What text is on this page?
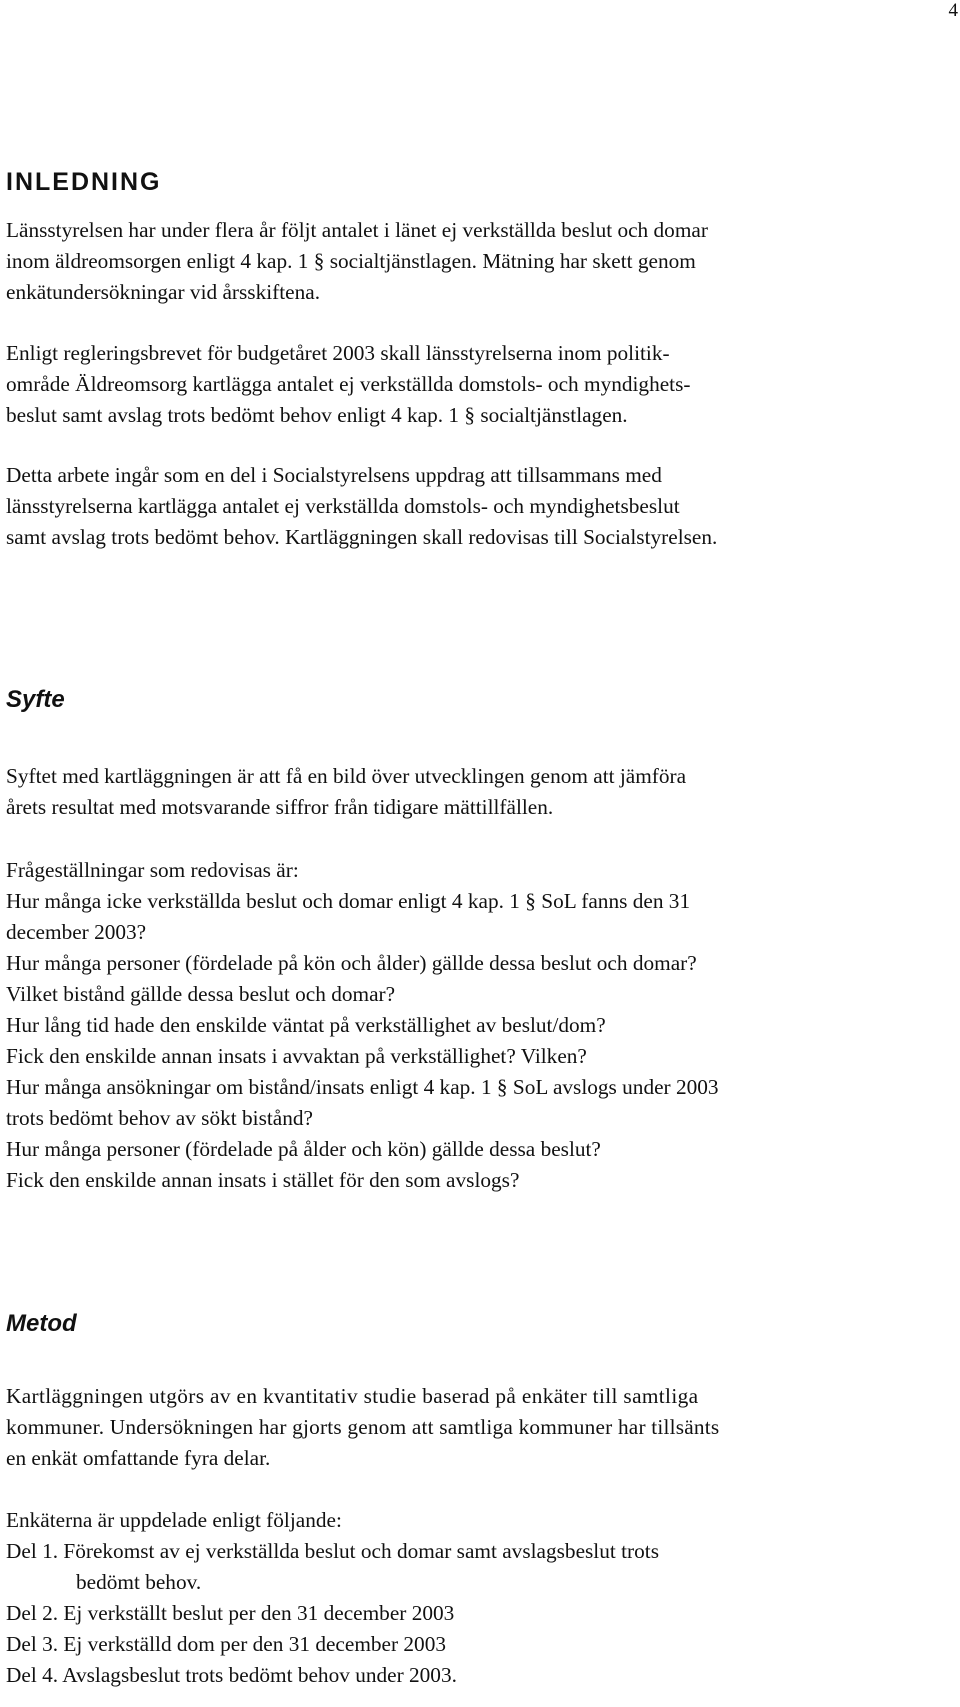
4
INLEDNING

Länsstyrelsen har under flera år följt antalet i länet ej verkställda beslut och domar
inom äldreomsorgen enligt 4 kap. 1 § socialtjänstlagen. Mätning har skett genom
enkätundersökningar vid årsskiftena.

Enligt regleringsbrevet för budgetåret 2003 skall länsstyrelserna inom politik-
område Äldreomsorg kartlägga antalet ej verkställda domstols- och myndighets-
beslut samt avslag trots bedömt behov enligt 4 kap. 1 § socialtjänstlagen.

Detta arbete ingår som en del i Socialstyrelsens uppdrag att tillsammans med
länsstyrelserna kartlägga antalet ej verkställda domstols- och myndighetsbeslut
samt avslag trots bedömt behov. Kartläggningen skall redovisas till Socialstyrelsen.

Syfte

Syftet med kartläggningen är att få en bild över utvecklingen genom att jämföra
årets resultat med motsvarande siffror från tidigare mättillfällen.

Frågeställningar som redovisas är:
Hur många icke verkställda beslut och domar enligt 4 kap. 1 § SoL fanns den 31
december 2003?
Hur många personer (fördelade på kön och ålder) gällde dessa beslut och domar?
Vilket bistånd gällde dessa beslut och domar?
Hur lång tid hade den enskilde väntat på verkställighet av beslut/dom?
Fick den enskilde annan insats i avvaktan på verkställighet? Vilken?
Hur många ansökningar om bistånd/insats enligt 4 kap. 1 § SoL avslogs under 2003
trots bedömt behov av sökt bistånd?
Hur många personer (fördelade på ålder och kön) gällde dessa beslut?
Fick den enskilde annan insats i stället för den som avslogs?

Metod

Kartläggningen utgörs av en kvantitativ studie baserad på enkäter till samtliga
kommuner. Undersökningen har gjorts genom att samtliga kommuner har tillsänts
en enkät omfattande fyra delar.

Enkäterna är uppdelade enligt följande:
Del 1. Förekomst av ej verkställda beslut och domar samt avslagsbeslut trots
bedömt behov.
Del 2. Ej verkställt beslut per den 31 december 2003
Del 3. Ej verkställd dom per den 31 december 2003
Del 4. Avslagsbeslut trots bedömt behov under 2003.
